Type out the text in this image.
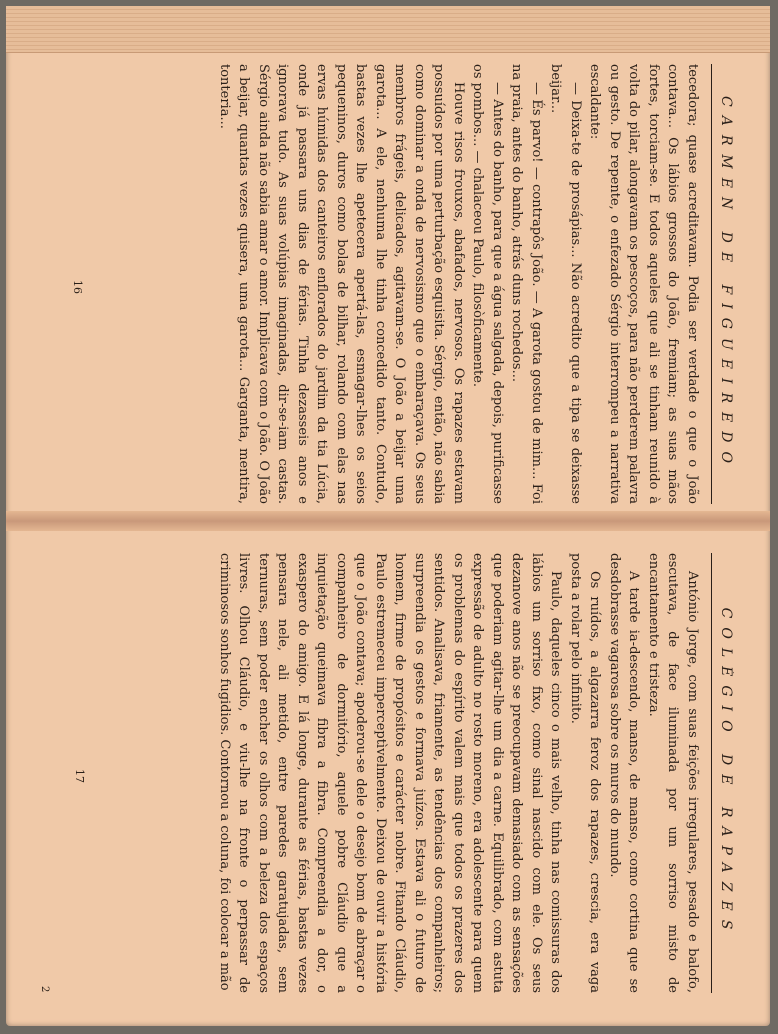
CARMEN DE FIGUEIREDO

tecedora; quase acreditavam. Podia ser verdade o que o João contava... Os lábios grossos do João, fremiam; as suas mãos fortes, torciam-se. E todos aqueles que ali se tinham reunido à volta do pilar, alongavam os pescoços, para não perderem palavra ou gesto. De repente, o enfezado Sérgio interrompeu a narrativa escaldante:

— Deixa-te de prosápias... Não acredito que a tipa se deixasse beijar...

— És parvo! — contrapôs João. — A garota gostou de mim... Foi na praia, antes do banho, atrás duns rochedos...

— Antes do banho, para que a água salgada, depois, purificasse os pombos... — chalaceou Paulo, filosòficamente.

Houve risos frouxos, abafados, nervosos. Os rapazes estavam possuídos por uma perturbação esquisita. Sérgio, então, não sabia como dominar a onda de nervosismo que o embaraçava. Os seus membros frágeis, delicados, agitavam-se. O João a beijar uma garota... A ele, nenhuma lhe tinha concedido tanto. Contudo, bastas vezes lhe apetecera apertá-las, esmagar-lhes os seios pequeninos, duros como bolas de bilhar, rolando com elas nas ervas húmidas dos canteiros enflorados do jardim da tia Lúcia, onde já passara uns dias de férias. Tinha dezasseis anos e ignorava tudo. As suas volúpias imaginadas, dir-se-iam castas. Sérgio ainda não sabia amar o amor. Implicava com o João. O João a beijar, quantas vezes quisera, uma garota... Garganta, mentira, tonteria...

16
COLÉGIO DE RAPAZES

António Jorge, com suas feições irregulares, pesado e balofo, escutava, de face iluminada por um sorriso misto de encantamento e tristeza.

A tarde ia-descendo, manso, de manso, como cortina que se desdobrasse vagarosa sobre os muros do mundo.

Os ruídos, a algazarra feroz dos rapazes, crescia, era vaga posta a rolar pelo infinito.

Paulo, daqueles cinco o mais velho, tinha nas comissuras dos lábios um sorriso fixo, como sinal nascido com ele. Os seus dezanove anos não se preocupavam demasiado com as sensações que poderiam agitar-lhe um dia a carne. Equilibrado, com astuta expressão de adulto no rosto moreno, era adolescente para quem os problemas do espírito valem mais que todos os prazeres dos sentidos. Analisava, friamente, as tendências dos companheiros; surpreendia os gestos e formava juízos. Estava ali o futuro de homem, firme de propósitos e carácter nobre. Fitando Cláudio, Paulo estremeceu imperceptìvelmente. Deixou de ouvir a história que o João contava; apoderou-se dele o desejo bom de abraçar o companheiro de dormitório, aquele pobre Cláudio que a inquietação queimava fibra a fibra. Compreendia a dor, o exaspero do amigo. E lá longe, durante as férias, bastas vezes pensara nele, ali metido, entre paredes garatujadas, sem ternuras, sem poder encher os olhos com a beleza dos espaços livres. Olhou Cláudio, e viu-lhe na fronte o perpassar de criminosos sonhos fugidios. Contornou a coluna, foi colocar a mão

17
2
